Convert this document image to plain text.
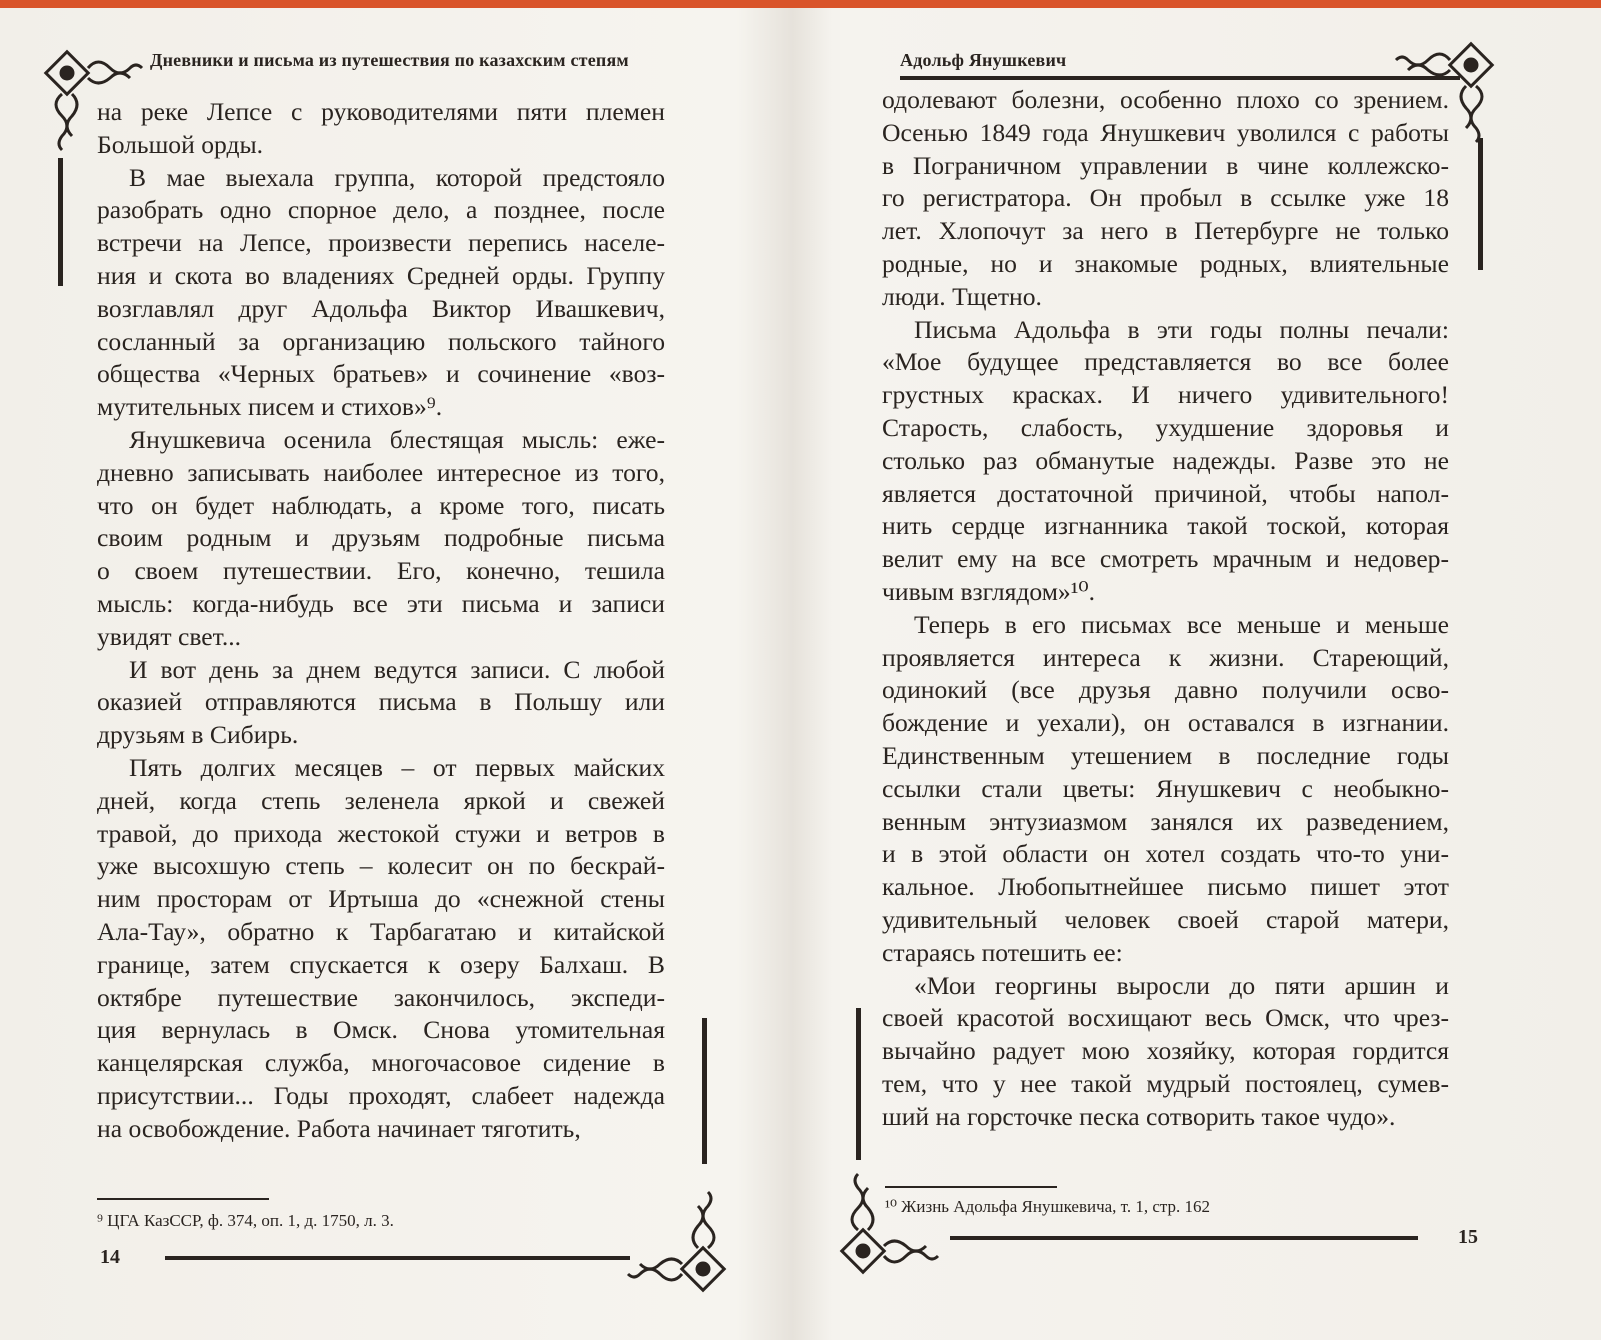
Дневники и письма из путешествия по казахским степям

на реке Лепсе с руководителями пяти племен
Большой орды.

В мае выехала группа, которой предстояло
разобрать одно спорное дело, а позднее, после
встречи на Лепсе, произвести перепись населе-
ния и скота во владениях Средней орды. Группу
возглавлял друг Адольфа Виктор Ивашкевич,
сосланный за организацию польского тайного
общества «Черных братьев» и сочинение «воз-
мутительных писем и стихов»⁹.

Янушкевича осенила блестящая мысль: еже-
дневно записывать наиболее интересное из того,
что он будет наблюдать, а кроме того, писать
своим родным и друзьям подробные письма
о своем путешествии. Его, конечно, тешила
мысль: когда-нибудь все эти письма и записи
увидят свет...

И вот день за днем ведутся записи. С любой
оказией отправляются письма в Польшу или
друзьям в Сибирь.

Пять долгих месяцев – от первых майских
дней, когда степь зеленела яркой и свежей
травой, до прихода жестокой стужи и ветров в
уже высохшую степь – колесит он по бескрай-
ним просторам от Иртыша до «снежной стены
Ала-Тау», обратно к Тарбагатаю и китайской
границе, затем спускается к озеру Балхаш. В
октябре путешествие закончилось, экспеди-
ция вернулась в Омск. Снова утомительная
канцелярская служба, многочасовое сидение в
присутствии... Годы проходят, слабеет надежда
на освобождение. Работа начинает тяготить,

⁹ ЦГА КазССР, ф. 374, оп. 1, д. 1750, л. 3.
14
Адольф Янушкевич

одолевают болезни, особенно плохо со зрением.
Осенью 1849 года Янушкевич уволился с работы
в Пограничном управлении в чине коллежско-
го регистратора. Он пробыл в ссылке уже 18
лет. Хлопочут за него в Петербурге не только
родные, но и знакомые родных, влиятельные
люди. Тщетно.

Письма Адольфа в эти годы полны печали:
«Мое будущее представляется во все более
грустных красках. И ничего удивительного!
Старость, слабость, ухудшение здоровья и
столько раз обманутые надежды. Разве это не
является достаточной причиной, чтобы напол-
нить сердце изгнанника такой тоской, которая
велит ему на все смотреть мрачным и недовер-
чивым взглядом»¹⁰.

Теперь в его письмах все меньше и меньше
проявляется интереса к жизни. Стареющий,
одинокий (все друзья давно получили осво-
бождение и уехали), он оставался в изгнании.
Единственным утешением в последние годы
ссылки стали цветы: Янушкевич с необыкно-
венным энтузиазмом занялся их разведением,
и в этой области он хотел создать что-то уни-
кальное. Любопытнейшее письмо пишет этот
удивительный человек своей старой матери,
стараясь потешить ее:

«Мои георгины выросли до пяти аршин и
своей красотой восхищают весь Омск, что чрез-
вычайно радует мою хозяйку, которая гордится
тем, что у нее такой мудрый постоялец, сумев-
ший на горсточке песка сотворить такое чудо».

¹⁰ Жизнь Адольфа Янушкевича, т. 1, стр. 162
15
